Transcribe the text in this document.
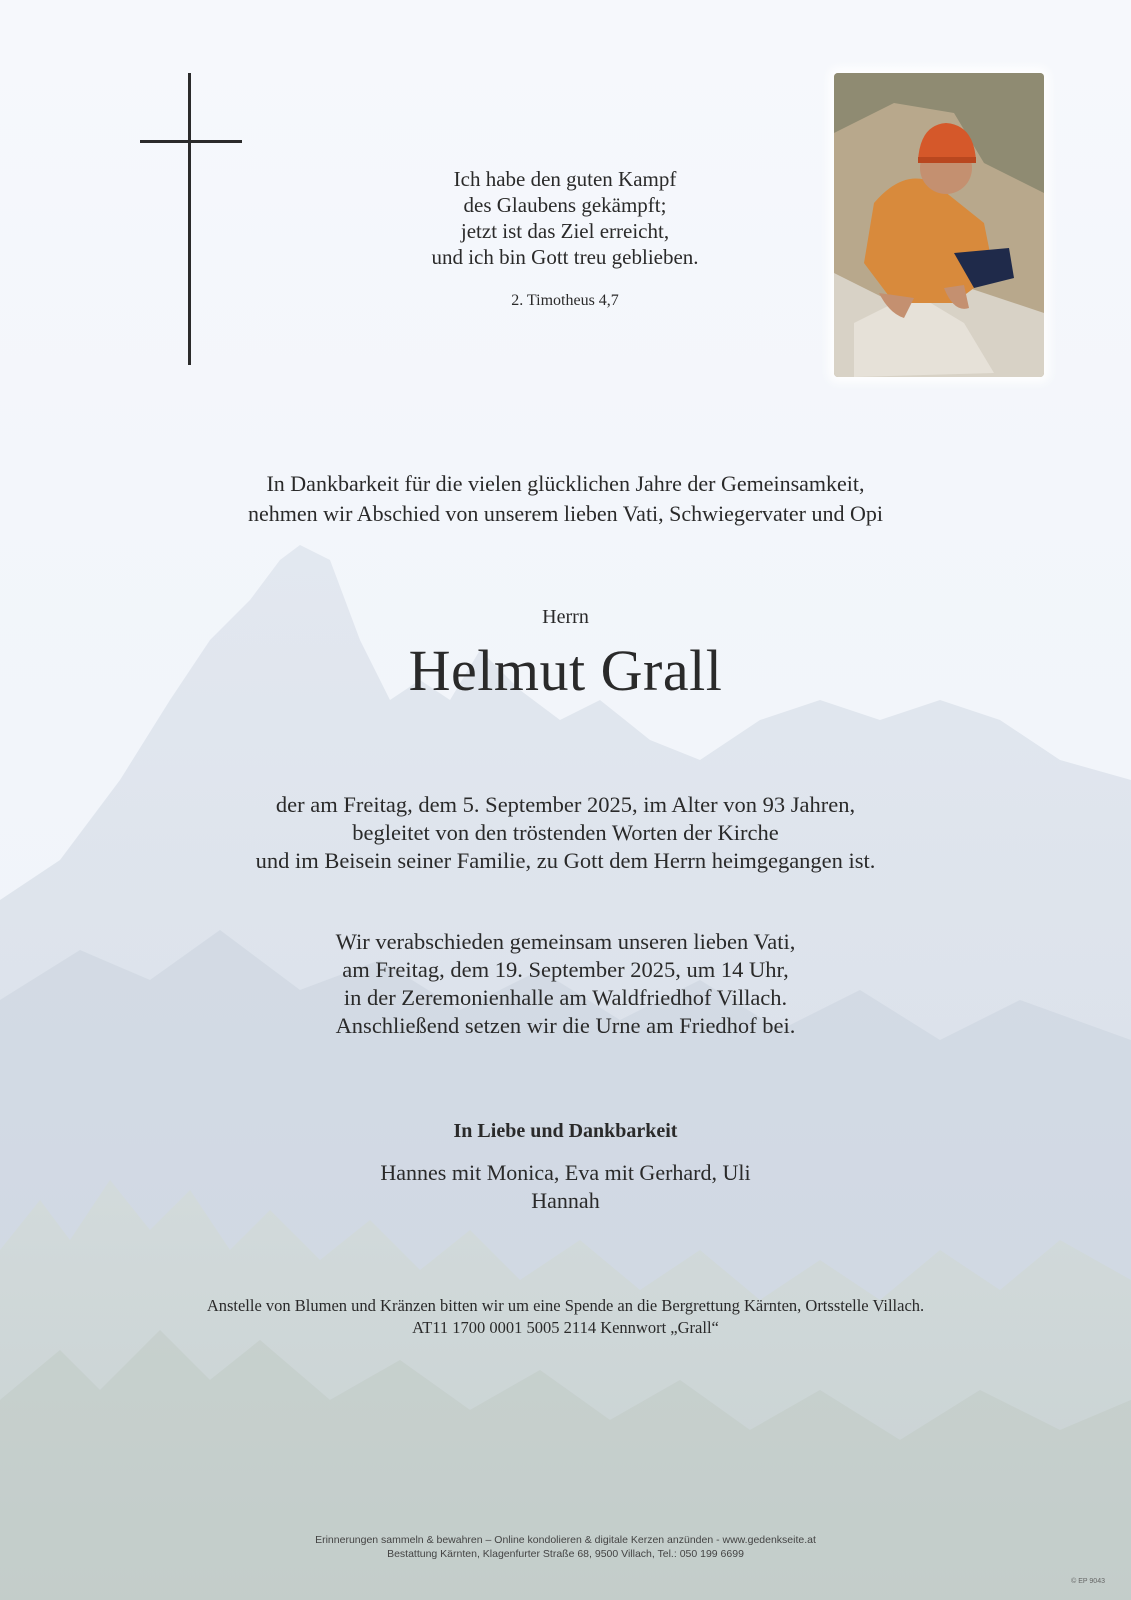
Ich habe den guten Kampf
des Glaubens gekämpft;
jetzt ist das Ziel erreicht,
und ich bin Gott treu geblieben.
2. Timotheus 4,7
In Dankbarkeit für die vielen glücklichen Jahre der Gemeinsamkeit,
nehmen wir Abschied von unserem lieben Vati, Schwiegervater und Opi
Herrn
Helmut Grall
der am Freitag, dem 5. September 2025, im Alter von 93 Jahren,
begleitet von den tröstenden Worten der Kirche
und im Beisein seiner Familie, zu Gott dem Herrn heimgegangen ist.
Wir verabschieden gemeinsam unseren lieben Vati,
am Freitag, dem 19. September 2025, um 14 Uhr,
in der Zeremonienhalle am Waldfriedhof Villach.
Anschließend setzen wir die Urne am Friedhof bei.
In Liebe und Dankbarkeit
Hannes mit Monica, Eva mit Gerhard, Uli
Hannah
Anstelle von Blumen und Kränzen bitten wir um eine Spende an die Bergrettung Kärnten, Ortsstelle Villach.
AT11 1700 0001 5005 2114 Kennwort „Grall“
Erinnerungen sammeln & bewahren – Online kondolieren & digitale Kerzen anzünden - www.gedenkseite.at
Bestattung Kärnten, Klagenfurter Straße 68, 9500 Villach, Tel.: 050 199 6699
© EP 9043
